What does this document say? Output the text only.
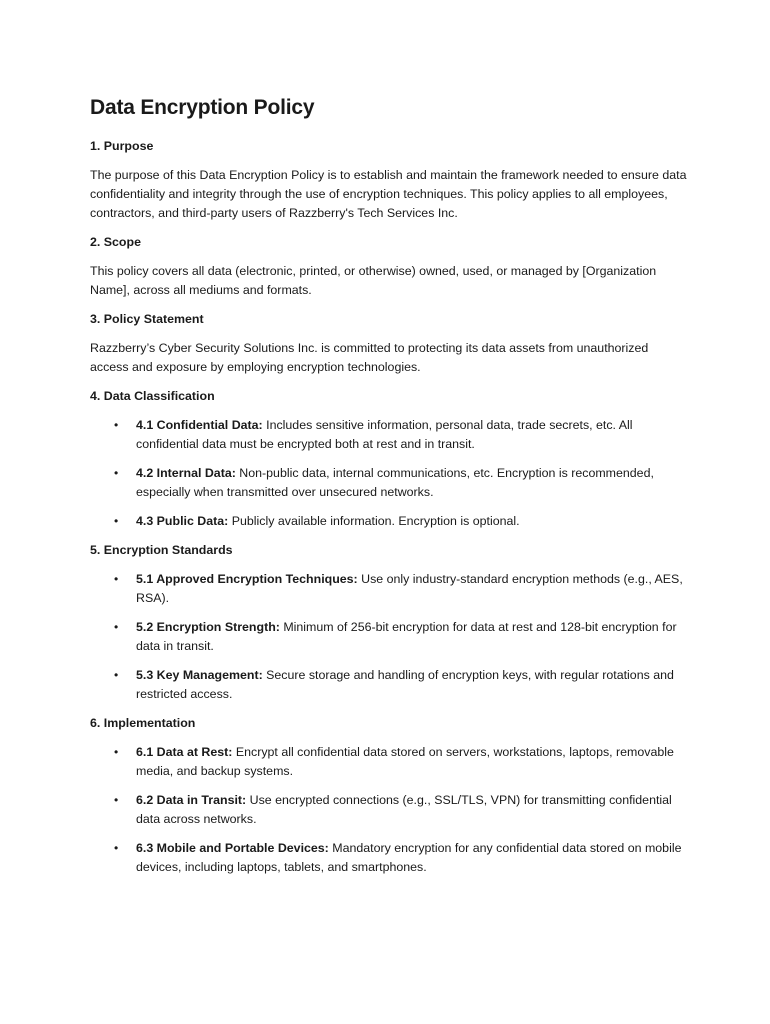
Data Encryption Policy
1. Purpose

The purpose of this Data Encryption Policy is to establish and maintain the framework needed to ensure data confidentiality and integrity through the use of encryption techniques. This policy applies to all employees, contractors, and third-party users of Razzberry's Tech Services Inc.

2. Scope

This policy covers all data (electronic, printed, or otherwise) owned, used, or managed by [Organization Name], across all mediums and formats.

3. Policy Statement

Razzberry’s Cyber Security Solutions Inc. is committed to protecting its data assets from unauthorized access and exposure by employing encryption technologies.

4. Data Classification
• 4.1 Confidential Data: Includes sensitive information, personal data, trade secrets, etc. All confidential data must be encrypted both at rest and in transit.
• 4.2 Internal Data: Non-public data, internal communications, etc. Encryption is recommended, especially when transmitted over unsecured networks.
• 4.3 Public Data: Publicly available information. Encryption is optional.
5. Encryption Standards
• 5.1 Approved Encryption Techniques: Use only industry-standard encryption methods (e.g., AES, RSA).
• 5.2 Encryption Strength: Minimum of 256-bit encryption for data at rest and 128-bit encryption for data in transit.
• 5.3 Key Management: Secure storage and handling of encryption keys, with regular rotations and restricted access.
6. Implementation
• 6.1 Data at Rest: Encrypt all confidential data stored on servers, workstations, laptops, removable media, and backup systems.
• 6.2 Data in Transit: Use encrypted connections (e.g., SSL/TLS, VPN) for transmitting confidential data across networks.
• 6.3 Mobile and Portable Devices: Mandatory encryption for any confidential data stored on mobile devices, including laptops, tablets, and smartphones.
